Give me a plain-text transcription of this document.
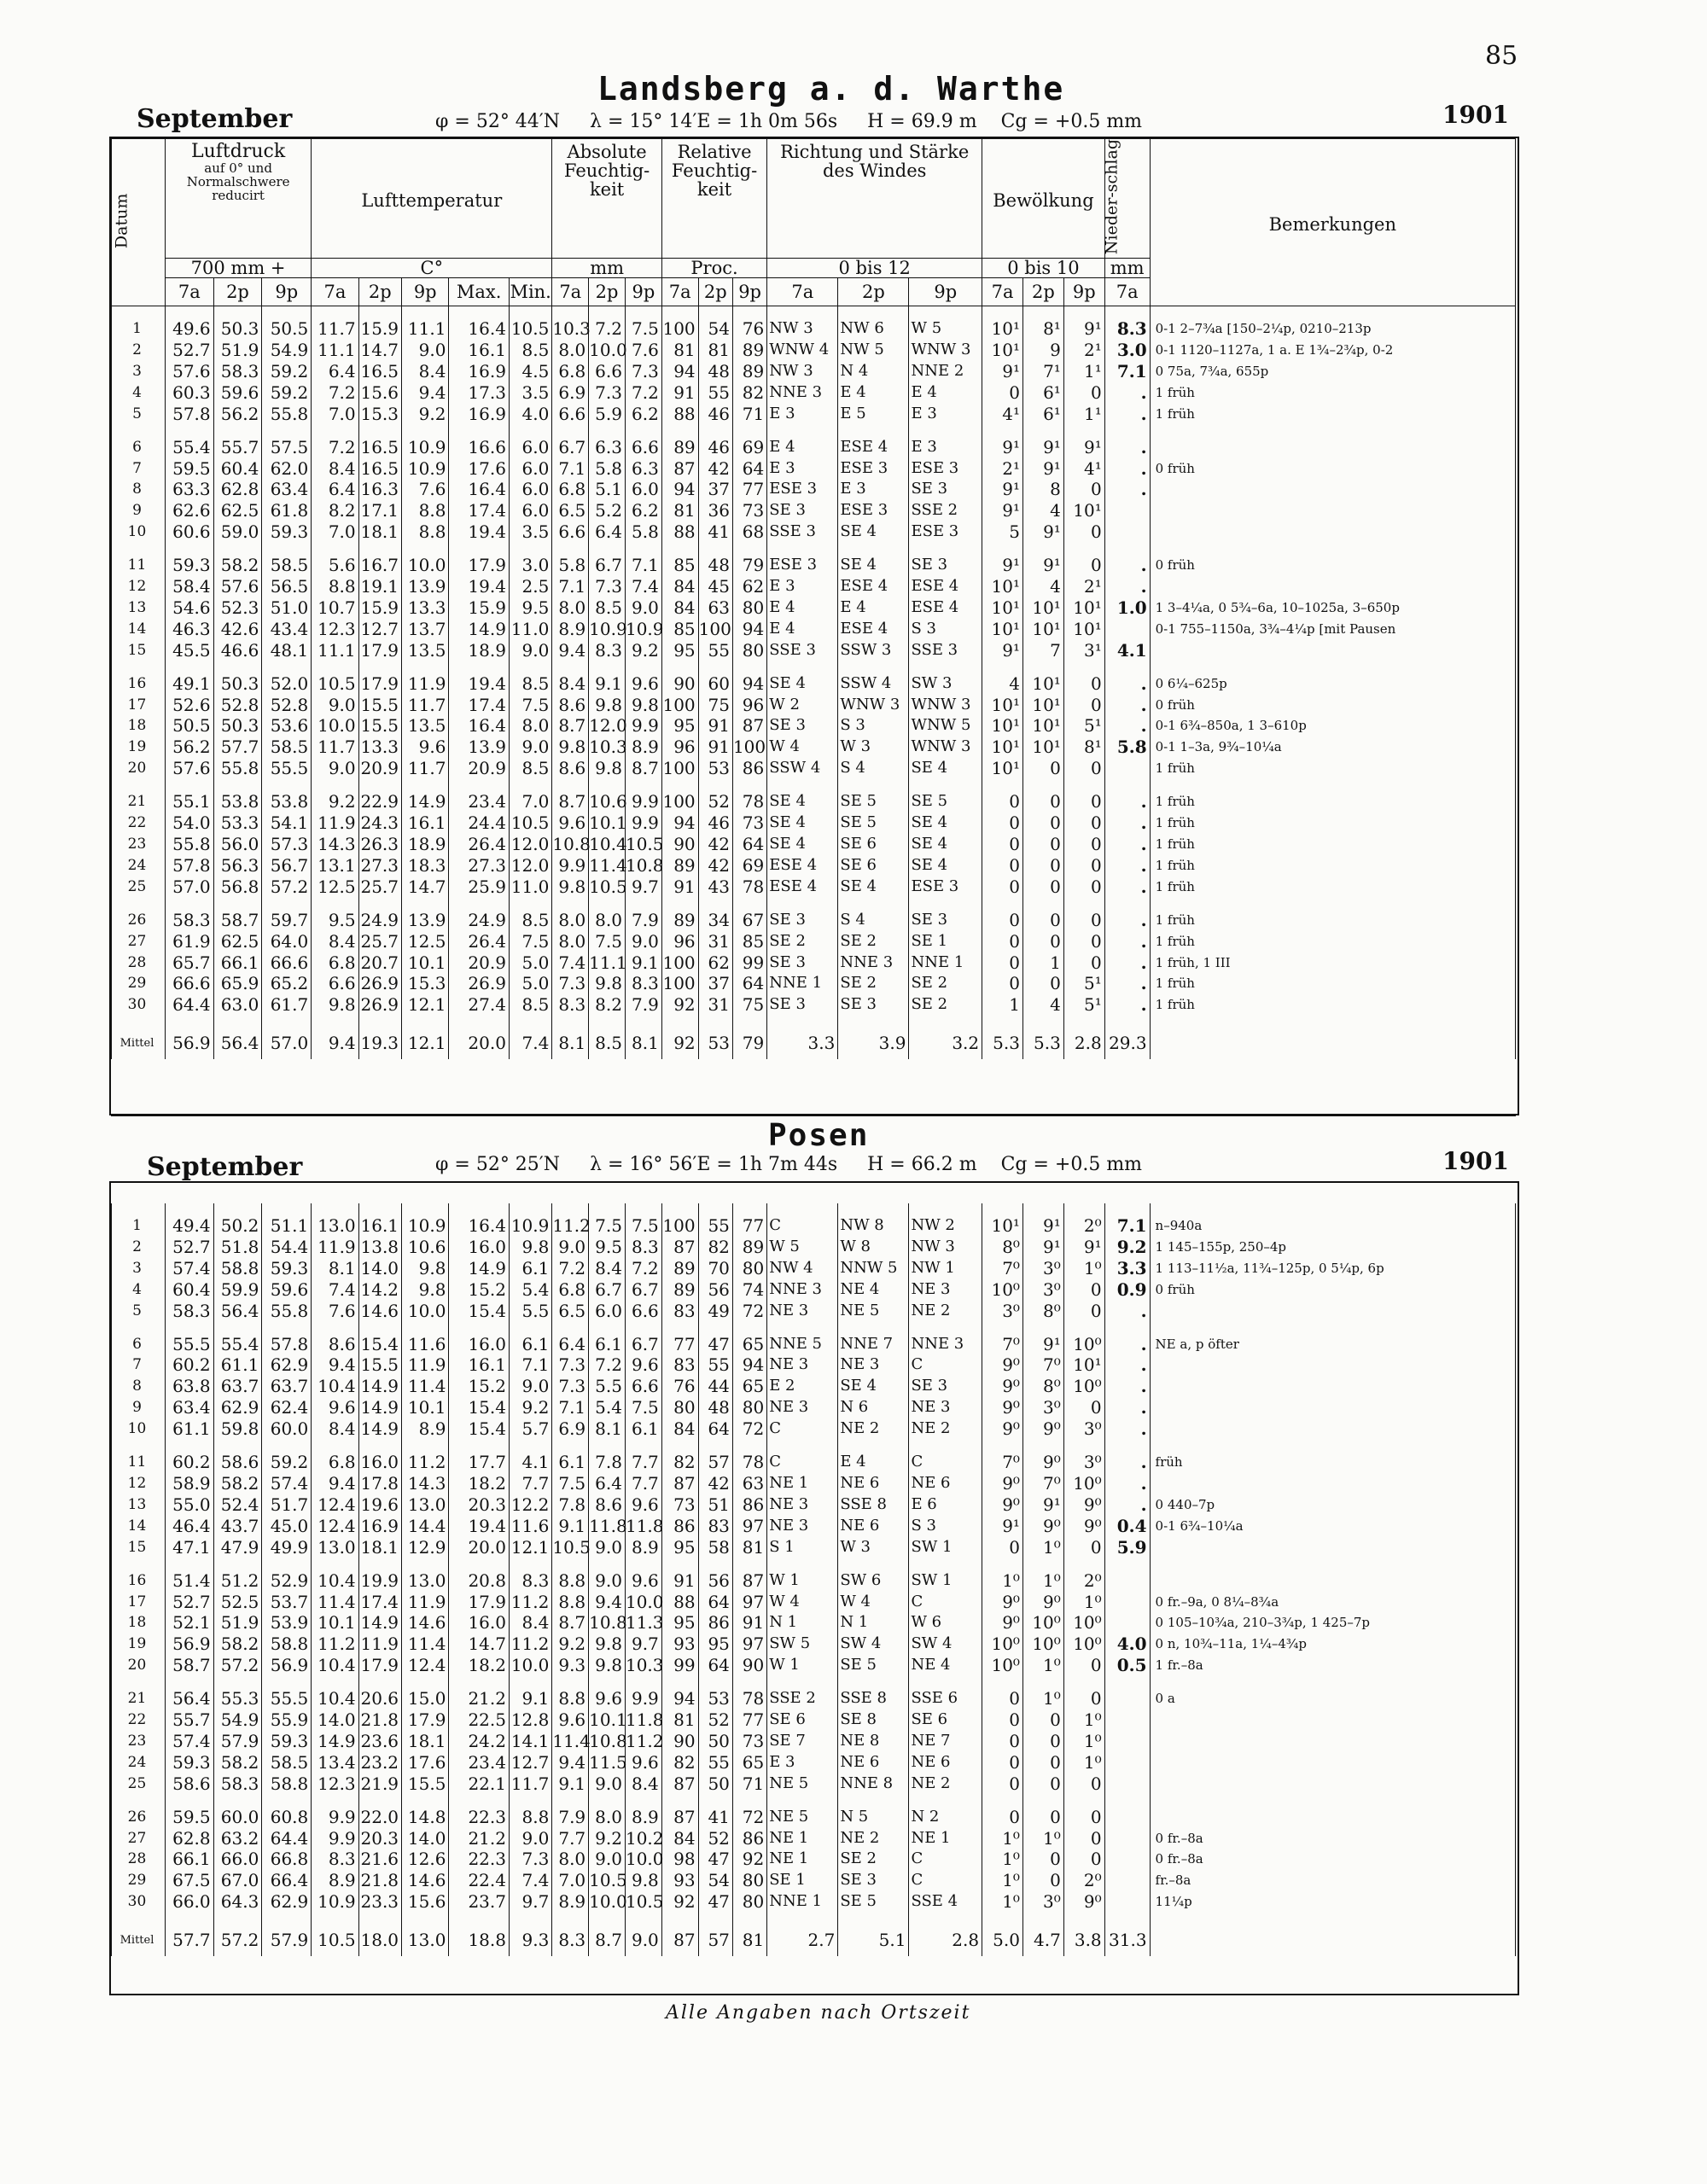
85
Landsberg a. d. Warthe
September	1901
φ = 52° 44′N λ = 15° 14′E = 1h 0m 56s H = 69.9 m Cg = +0.5 mm
Datum	Luftdruck
auf 0° und Normalschwere reducirt			Lufttemperatur					Absolute Feuchtig-keit			Relative Feuchtig-keit			Richtung und Stärke des Windes			Bewölkung			Nieder-schlag	Bemerkungen
	700 mm +			C°					mm			Proc.			0 bis 12			0 bis 10			mm	
	7a	2p	9p	7a	2p	9p	Max.	Min.	7a	2p	9p	7a	2p	9p	7a	2p	9p	7a	2p	9p	7a	

1	49.6	50.3	50.5	11.7	15.9	11.1	16.4	10.5	10.3	7.2	7.5	100	54	76	NW 3	NW 6	W 5	10¹	8¹	9¹	8.3	0-1 2–7¾a [150–2¼p, 0210–213p
2	52.7	51.9	54.9	11.1	14.7	9.0	16.1	8.5	8.0	10.0	7.6	81	81	89	WNW 4	NW 5	WNW 3	10¹	9	2¹	3.0	0-1 1120–1127a, 1 a. E 1¾–2¾p, 0-2
3	57.6	58.3	59.2	6.4	16.5	8.4	16.9	4.5	6.8	6.6	7.3	94	48	89	NW 3	N 4	NNE 2	9¹	7¹	1¹	7.1	0 75a, 7¾a, 655p
4	60.3	59.6	59.2	7.2	15.6	9.4	17.3	3.5	6.9	7.3	7.2	91	55	82	NNE 3	E 4	E 4	0	6¹	0	.	1 früh
5	57.8	56.2	55.8	7.0	15.3	9.2	16.9	4.0	6.6	5.9	6.2	88	46	71	E 3	E 5	E 3	4¹	6¹	1¹	.	1 früh

6	55.4	55.7	57.5	7.2	16.5	10.9	16.6	6.0	6.7	6.3	6.6	89	46	69	E 4	ESE 4	E 3	9¹	9¹	9¹	.	
7	59.5	60.4	62.0	8.4	16.5	10.9	17.6	6.0	7.1	5.8	6.3	87	42	64	E 3	ESE 3	ESE 3	2¹	9¹	4¹	.	0 früh
8	63.3	62.8	63.4	6.4	16.3	7.6	16.4	6.0	6.8	5.1	6.0	94	37	77	ESE 3	E 3	SE 3	9¹	8	0	.	
9	62.6	62.5	61.8	8.2	17.1	8.8	17.4	6.0	6.5	5.2	6.2	81	36	73	SE 3	ESE 3	SSE 2	9¹	4	10¹		
10	60.6	59.0	59.3	7.0	18.1	8.8	19.4	3.5	6.6	6.4	5.8	88	41	68	SSE 3	SE 4	ESE 3	5	9¹	0		

11	59.3	58.2	58.5	5.6	16.7	10.0	17.9	3.0	5.8	6.7	7.1	85	48	79	ESE 3	SE 4	SE 3	9¹	9¹	0	.	0 früh
12	58.4	57.6	56.5	8.8	19.1	13.9	19.4	2.5	7.1	7.3	7.4	84	45	62	E 3	ESE 4	ESE 4	10¹	4	2¹	.	
13	54.6	52.3	51.0	10.7	15.9	13.3	15.9	9.5	8.0	8.5	9.0	84	63	80	E 4	E 4	ESE 4	10¹	10¹	10¹	1.0	1 3–4¼a, 0 5¾–6a, 10–1025a, 3–650p
14	46.3	42.6	43.4	12.3	12.7	13.7	14.9	11.0	8.9	10.9	10.9	85	100	94	E 4	ESE 4	S 3	10¹	10¹	10¹		0-1 755–1150a, 3¾–4¼p [mit Pausen
15	45.5	46.6	48.1	11.1	17.9	13.5	18.9	9.0	9.4	8.3	9.2	95	55	80	SSE 3	SSW 3	SSE 3	9¹	7	3¹	4.1	

16	49.1	50.3	52.0	10.5	17.9	11.9	19.4	8.5	8.4	9.1	9.6	90	60	94	SE 4	SSW 4	SW 3	4	10¹	0	.	0 6¼–625p
17	52.6	52.8	52.8	9.0	15.5	11.7	17.4	7.5	8.6	9.8	9.8	100	75	96	W 2	WNW 3	WNW 3	10¹	10¹	0	.	0 früh
18	50.5	50.3	53.6	10.0	15.5	13.5	16.4	8.0	8.7	12.0	9.9	95	91	87	SE 3	S 3	WNW 5	10¹	10¹	5¹	.	0-1 6¾–850a, 1 3–610p
19	56.2	57.7	58.5	11.7	13.3	9.6	13.9	9.0	9.8	10.3	8.9	96	91	100	W 4	W 3	WNW 3	10¹	10¹	8¹	5.8	0-1 1–3a, 9¾–10¼a
20	57.6	55.8	55.5	9.0	20.9	11.7	20.9	8.5	8.6	9.8	8.7	100	53	86	SSW 4	S 4	SE 4	10¹	0	0		1 früh

21	55.1	53.8	53.8	9.2	22.9	14.9	23.4	7.0	8.7	10.6	9.9	100	52	78	SE 4	SE 5	SE 5	0	0	0	.	1 früh
22	54.0	53.3	54.1	11.9	24.3	16.1	24.4	10.5	9.6	10.1	9.9	94	46	73	SE 4	SE 5	SE 4	0	0	0	.	1 früh
23	55.8	56.0	57.3	14.3	26.3	18.9	26.4	12.0	10.8	10.4	10.5	90	42	64	SE 4	SE 6	SE 4	0	0	0	.	1 früh
24	57.8	56.3	56.7	13.1	27.3	18.3	27.3	12.0	9.9	11.4	10.8	89	42	69	ESE 4	SE 6	SE 4	0	0	0	.	1 früh
25	57.0	56.8	57.2	12.5	25.7	14.7	25.9	11.0	9.8	10.5	9.7	91	43	78	ESE 4	SE 4	ESE 3	0	0	0	.	1 früh

26	58.3	58.7	59.7	9.5	24.9	13.9	24.9	8.5	8.0	8.0	7.9	89	34	67	SE 3	S 4	SE 3	0	0	0	.	1 früh
27	61.9	62.5	64.0	8.4	25.7	12.5	26.4	7.5	8.0	7.5	9.0	96	31	85	SE 2	SE 2	SE 1	0	0	0	.	1 früh
28	65.7	66.1	66.6	6.8	20.7	10.1	20.9	5.0	7.4	11.1	9.1	100	62	99	SE 3	NNE 3	NNE 1	0	1	0	.	1 früh, 1 III
29	66.6	65.9	65.2	6.6	26.9	15.3	26.9	5.0	7.3	9.8	8.3	100	37	64	NNE 1	SE 2	SE 2	0	0	5¹	.	1 früh
30	64.4	63.0	61.7	9.8	26.9	12.1	27.4	8.5	8.3	8.2	7.9	92	31	75	SE 3	SE 3	SE 2	1	4	5¹	.	1 früh

Mittel	56.9	56.4	57.0	9.4	19.3	12.1	20.0	7.4	8.1	8.5	8.1	92	53	79	3.3	3.9	3.2	5.3	5.3	2.8	29.3	
Posen
September	1901
φ = 52° 25′N λ = 16° 56′E = 1h 7m 44s H = 66.2 m Cg = +0.5 mm

1	49.4	50.2	51.1	13.0	16.1	10.9	16.4	10.9	11.2	7.5	7.5	100	55	77	C	NW 8	NW 2	10¹	9¹	2⁰	7.1	n–940a
2	52.7	51.8	54.4	11.9	13.8	10.6	16.0	9.8	9.0	9.5	8.3	87	82	89	W 5	W 8	NW 3	8⁰	9¹	9¹	9.2	1 145–155p, 250–4p
3	57.4	58.8	59.3	8.1	14.0	9.8	14.9	6.1	7.2	8.4	7.2	89	70	80	NW 4	NNW 5	NW 1	7⁰	3⁰	1⁰	3.3	1 113–11½a, 11¾–125p, 0 5¼p, 6p
4	60.4	59.9	59.6	7.4	14.2	9.8	15.2	5.4	6.8	6.7	6.7	89	56	74	NNE 3	NE 4	NE 3	10⁰	3⁰	0	0.9	0 früh
5	58.3	56.4	55.8	7.6	14.6	10.0	15.4	5.5	6.5	6.0	6.6	83	49	72	NE 3	NE 5	NE 2	3⁰	8⁰	0	.	

6	55.5	55.4	57.8	8.6	15.4	11.6	16.0	6.1	6.4	6.1	6.7	77	47	65	NNE 5	NNE 7	NNE 3	7⁰	9¹	10⁰	.	NE a, p öfter
7	60.2	61.1	62.9	9.4	15.5	11.9	16.1	7.1	7.3	7.2	9.6	83	55	94	NE 3	NE 3	C	9⁰	7⁰	10¹	.	
8	63.8	63.7	63.7	10.4	14.9	11.4	15.2	9.0	7.3	5.5	6.6	76	44	65	E 2	SE 4	SE 3	9⁰	8⁰	10⁰	.	
9	63.4	62.9	62.4	9.6	14.9	10.1	15.4	9.2	7.1	5.4	7.5	80	48	80	NE 3	N 6	NE 3	9⁰	3⁰	0	.	
10	61.1	59.8	60.0	8.4	14.9	8.9	15.4	5.7	6.9	8.1	6.1	84	64	72	C	NE 2	NE 2	9⁰	9⁰	3⁰	.	

11	60.2	58.6	59.2	6.8	16.0	11.2	17.7	4.1	6.1	7.8	7.7	82	57	78	C	E 4	C	7⁰	9⁰	3⁰	.	früh
12	58.9	58.2	57.4	9.4	17.8	14.3	18.2	7.7	7.5	6.4	7.7	87	42	63	NE 1	NE 6	NE 6	9⁰	7⁰	10⁰	.	
13	55.0	52.4	51.7	12.4	19.6	13.0	20.3	12.2	7.8	8.6	9.6	73	51	86	NE 3	SSE 8	E 6	9⁰	9¹	9⁰	.	0 440–7p
14	46.4	43.7	45.0	12.4	16.9	14.4	19.4	11.6	9.1	11.8	11.8	86	83	97	NE 3	NE 6	S 3	9¹	9⁰	9⁰	0.4	0-1 6¾–10¼a
15	47.1	47.9	49.9	13.0	18.1	12.9	20.0	12.1	10.5	9.0	8.9	95	58	81	S 1	W 3	SW 1	0	1⁰	0	5.9	

16	51.4	51.2	52.9	10.4	19.9	13.0	20.8	8.3	8.8	9.0	9.6	91	56	87	W 1	SW 6	SW 1	1⁰	1⁰	2⁰		
17	52.7	52.5	53.7	11.4	17.4	11.9	17.9	11.2	8.8	9.4	10.0	88	64	97	W 4	W 4	C	9⁰	9⁰	1⁰		0 fr.–9a, 0 8¼–8¾a
18	52.1	51.9	53.9	10.1	14.9	14.6	16.0	8.4	8.7	10.8	11.3	95	86	91	N 1	N 1	W 6	9⁰	10⁰	10⁰		0 105–10¾a, 210–3¾p, 1 425–7p
19	56.9	58.2	58.8	11.2	11.9	11.4	14.7	11.2	9.2	9.8	9.7	93	95	97	SW 5	SW 4	SW 4	10⁰	10⁰	10⁰	4.0	0 n, 10¾–11a, 1¼–4¾p
20	58.7	57.2	56.9	10.4	17.9	12.4	18.2	10.0	9.3	9.8	10.3	99	64	90	W 1	SE 5	NE 4	10⁰	1⁰	0	0.5	1 fr.–8a

21	56.4	55.3	55.5	10.4	20.6	15.0	21.2	9.1	8.8	9.6	9.9	94	53	78	SSE 2	SSE 8	SSE 6	0	1⁰	0		0 a
22	55.7	54.9	55.9	14.0	21.8	17.9	22.5	12.8	9.6	10.1	11.8	81	52	77	SE 6	SE 8	SE 6	0	0	1⁰		
23	57.4	57.9	59.3	14.9	23.6	18.1	24.2	14.1	11.4	10.8	11.2	90	50	73	SE 7	NE 8	NE 7	0	0	1⁰		
24	59.3	58.2	58.5	13.4	23.2	17.6	23.4	12.7	9.4	11.5	9.6	82	55	65	E 3	NE 6	NE 6	0	0	1⁰		
25	58.6	58.3	58.8	12.3	21.9	15.5	22.1	11.7	9.1	9.0	8.4	87	50	71	NE 5	NNE 8	NE 2	0	0	0		

26	59.5	60.0	60.8	9.9	22.0	14.8	22.3	8.8	7.9	8.0	8.9	87	41	72	NE 5	N 5	N 2	0	0	0		
27	62.8	63.2	64.4	9.9	20.3	14.0	21.2	9.0	7.7	9.2	10.2	84	52	86	NE 1	NE 2	NE 1	1⁰	1⁰	0		0 fr.–8a
28	66.1	66.0	66.8	8.3	21.6	12.6	22.3	7.3	8.0	9.0	10.0	98	47	92	NE 1	SE 2	C	1⁰	0	0		0 fr.–8a
29	67.5	67.0	66.4	8.9	21.8	14.6	22.4	7.4	7.0	10.5	9.8	93	54	80	SE 1	SE 3	C	1⁰	0	2⁰		fr.–8a
30	66.0	64.3	62.9	10.9	23.3	15.6	23.7	9.7	8.9	10.0	10.5	92	47	80	NNE 1	SE 5	SSE 4	1⁰	3⁰	9⁰		11¼p

Mittel	57.7	57.2	57.9	10.5	18.0	13.0	18.8	9.3	8.3	8.7	9.0	87	57	81	2.7	5.1	2.8	5.0	4.7	3.8	31.3	
Alle Angaben nach Ortszeit
